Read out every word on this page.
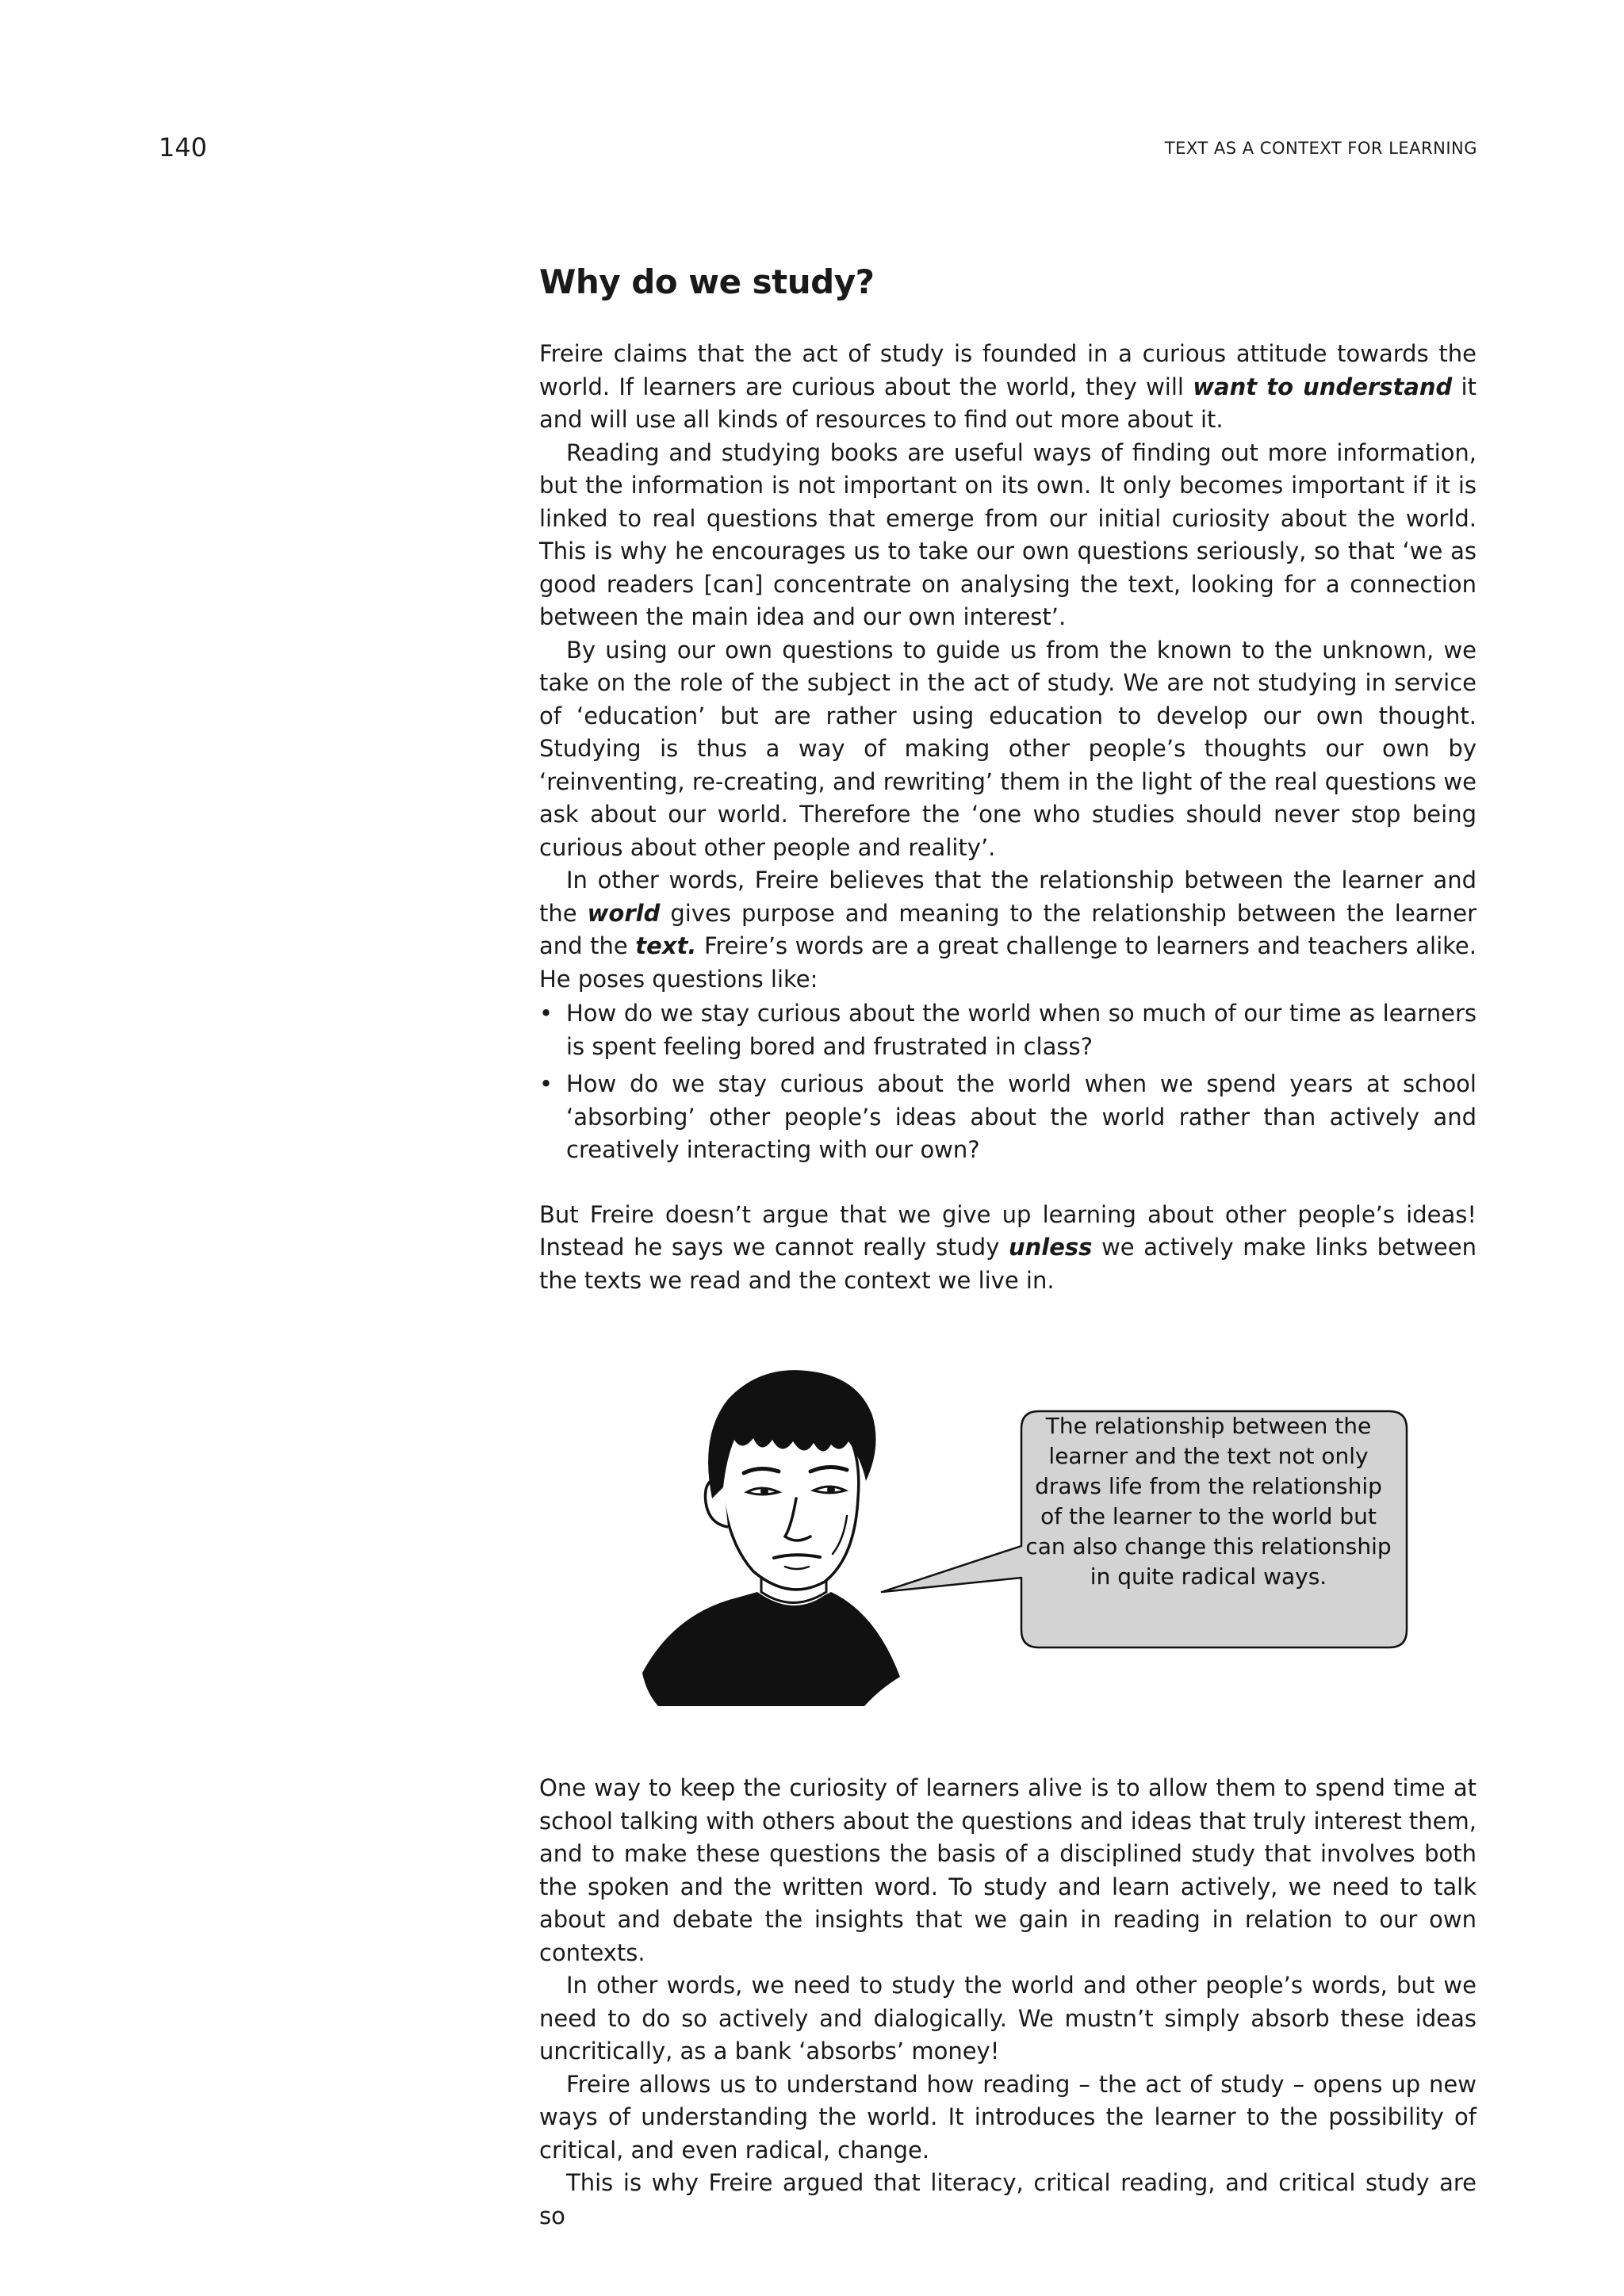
140	TEXT AS A CONTEXT FOR LEARNING
Why do we study?

Freire claims that the act of study is founded in a curious attitude towards the world. If learners are curious about the world, they will want to understand it and will use all kinds of resources to find out more about it.

Reading and studying books are useful ways of finding out more information, but the information is not important on its own. It only becomes important if it is linked to real questions that emerge from our initial curiosity about the world. This is why he encourages us to take our own questions seriously, so that ‘we as good readers [can] concentrate on analysing the text, looking for a connection between the main idea and our own interest’.

By using our own questions to guide us from the known to the unknown, we take on the role of the subject in the act of study. We are not studying in service of ‘education’ but are rather using education to develop our own thought. Studying is thus a way of making other people’s thoughts our own by ‘reinventing, re-creating, and rewriting’ them in the light of the real questions we ask about our world. Therefore the ‘one who studies should never stop being curious about other people and reality’.

In other words, Freire believes that the relationship between the learner and the world gives purpose and meaning to the relationship between the learner and the text. Freire’s words are a great challenge to learners and teachers alike. He poses questions like:

• How do we stay curious about the world when so much of our time as learners is spent feeling bored and frustrated in class?
• How do we stay curious about the world when we spend years at school ‘absorbing’ other people’s ideas about the world rather than actively and creatively interacting with our own?

But Freire doesn’t argue that we give up learning about other people’s ideas! Instead he says we cannot really study unless we actively make links between the texts we read and the context we live in.

The relationship between the learner and the text not only draws life from the relationship of the learner to the world but can also change this relationship in quite radical ways.

One way to keep the curiosity of learners alive is to allow them to spend time at school talking with others about the questions and ideas that truly interest them, and to make these questions the basis of a disciplined study that involves both the spoken and the written word. To study and learn actively, we need to talk about and debate the insights that we gain in reading in relation to our own contexts.

In other words, we need to study the world and other people’s words, but we need to do so actively and dialogically. We mustn’t simply absorb these ideas uncritically, as a bank ‘absorbs’ money!

Freire allows us to understand how reading – the act of study – opens up new ways of understanding the world. It introduces the learner to the possibility of critical, and even radical, change.

This is why Freire argued that literacy, critical reading, and critical study are so
